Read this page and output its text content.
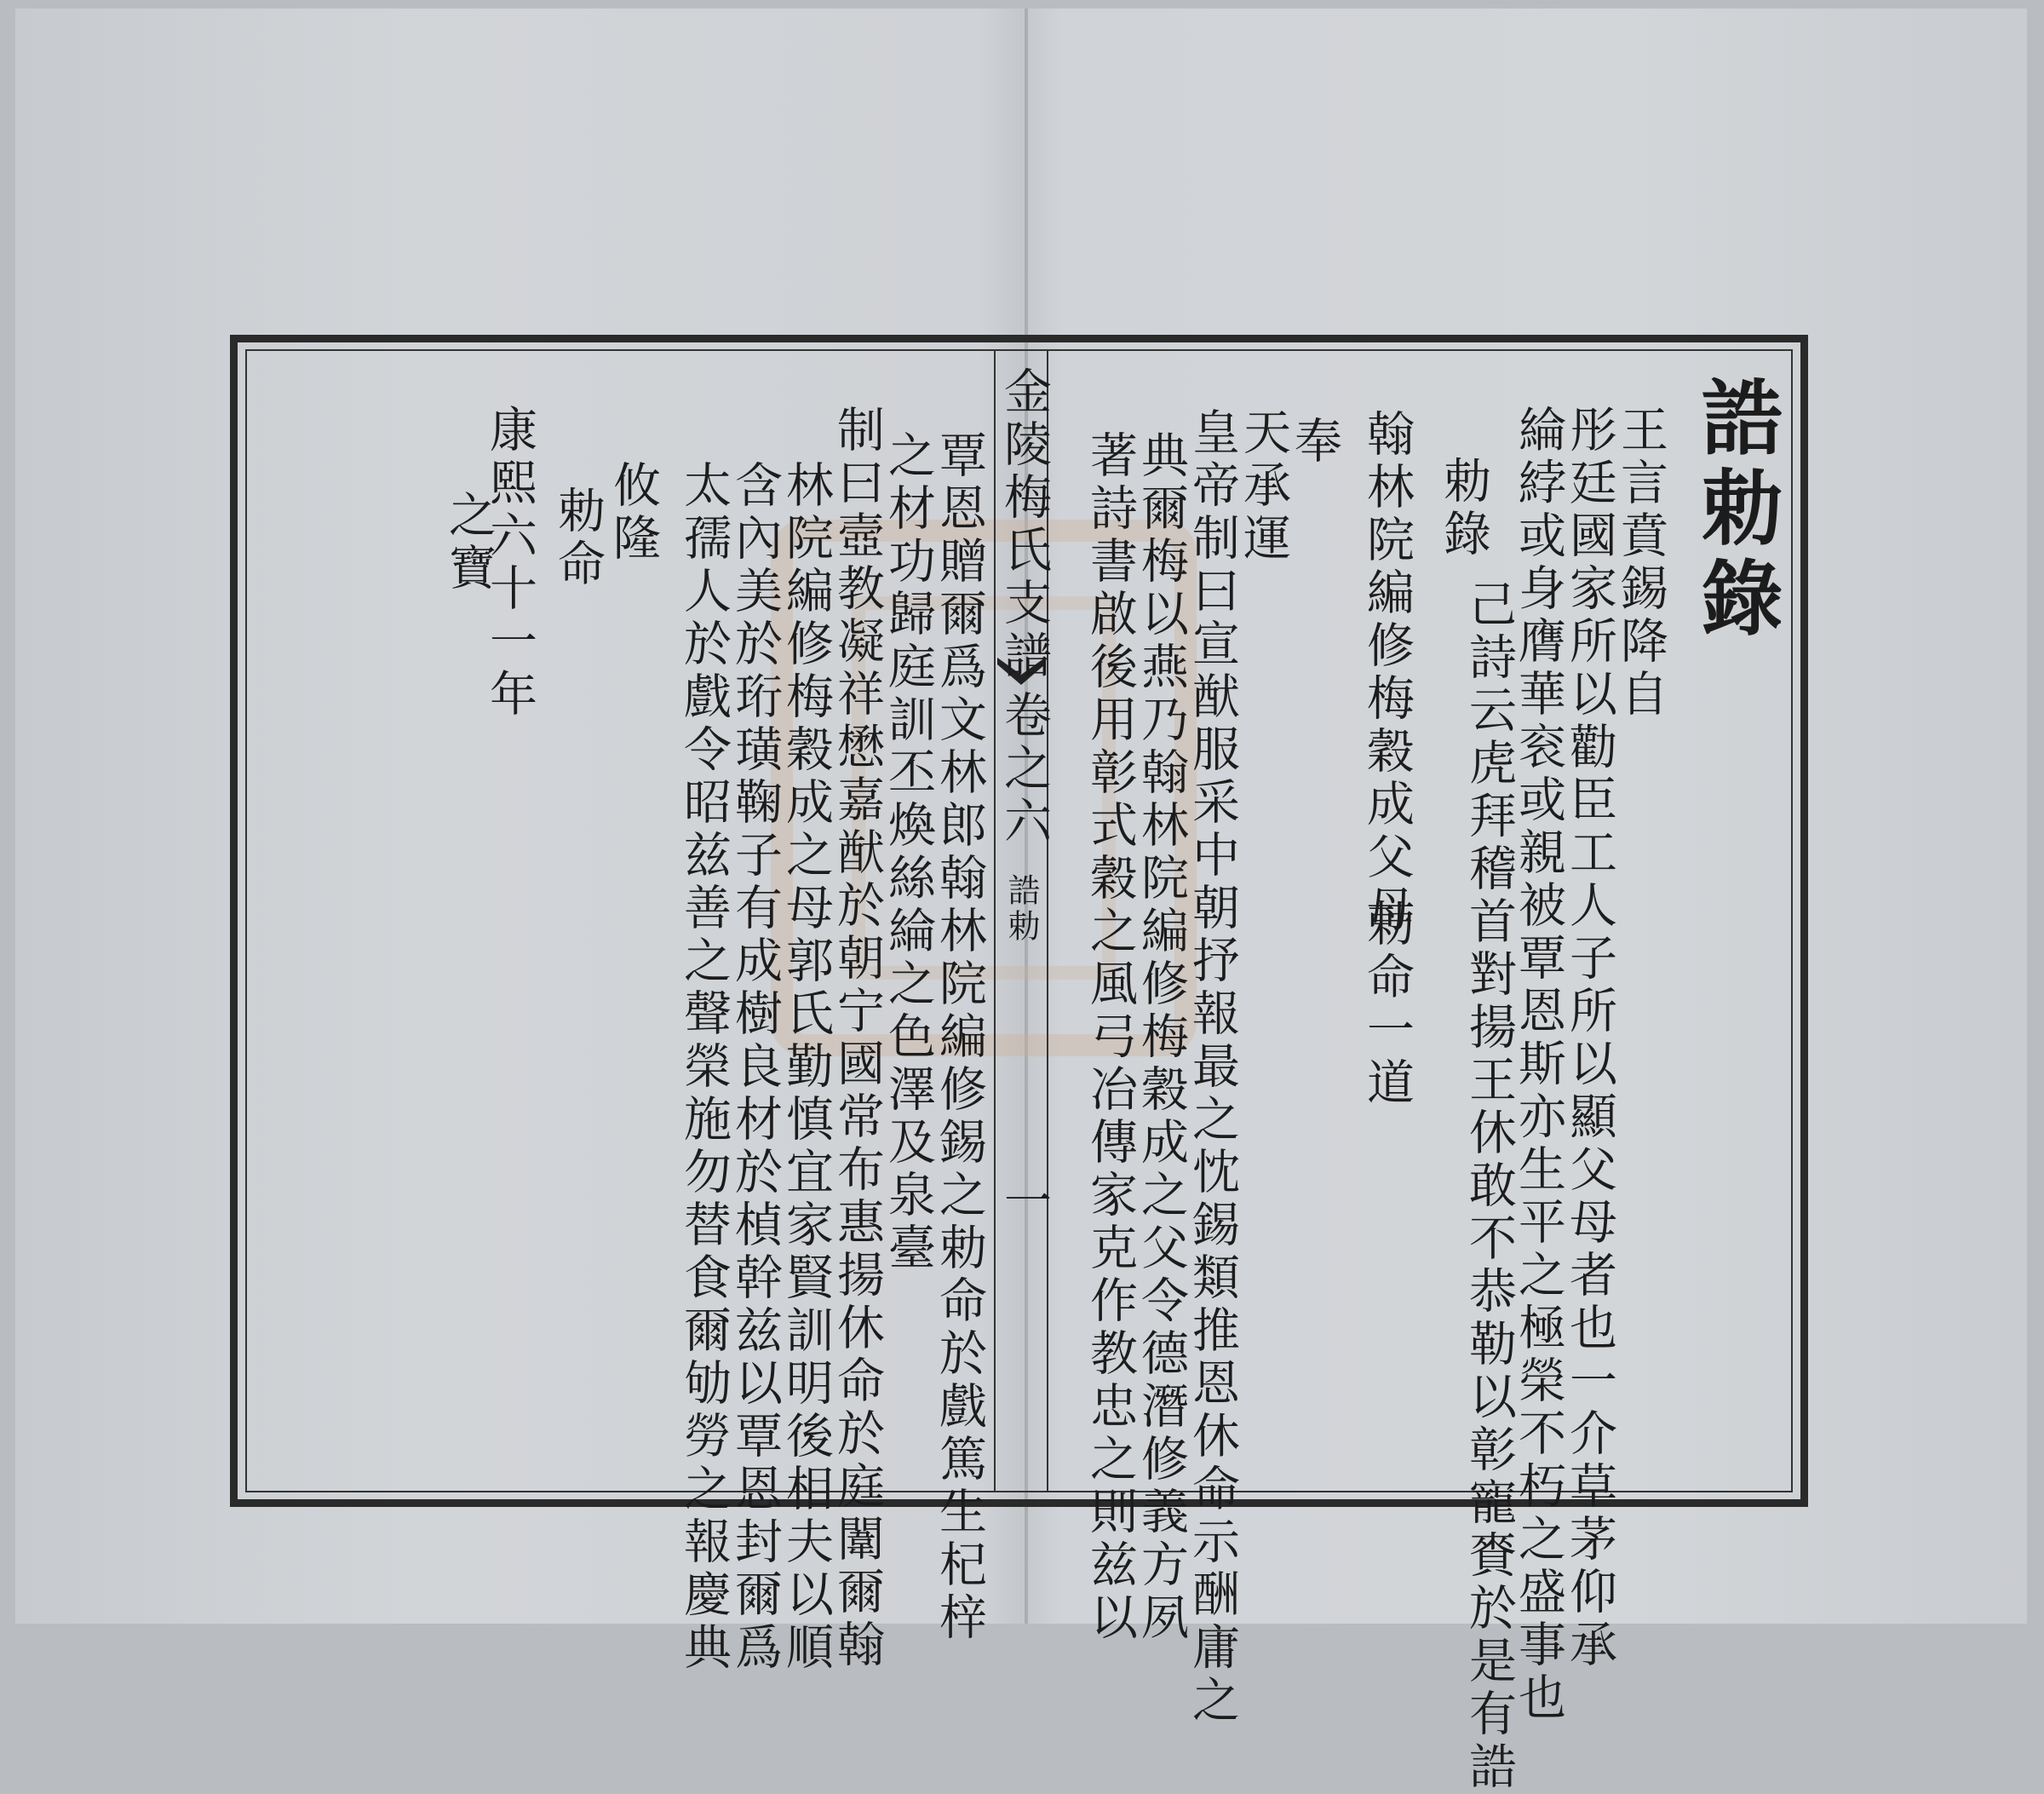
誥勅錄
王言賁錫降自
彤廷國家所以勸臣工人子所以顯父母者也一介草茅仰承
綸綍或身膺華衮或親被覃恩斯亦生平之極榮不朽之盛事也
勅錄
己詩云虎拜稽首對揚王休敢不恭勒以彰寵賚於是有誥
翰林院編修梅穀成父母
勅命一道
奉
天承運
皇帝制曰宣猷服采中朝抒報最之忱錫類推恩休命示酬庸之
典爾梅以燕乃翰林院編修梅穀成之父令德潛修義方夙
著詩書啟後用彰式穀之風弓冶傳家克作教忠之則兹以
金陵梅氏支譜
卷之六
誥勅
一
覃恩贈爾爲文林郎翰林院編修錫之勅命於戲篤生杞梓
之材功歸庭訓丕煥絲綸之色澤及泉臺
制曰壼教凝祥懋嘉猷於朝宁國常布惠揚休命於庭闈爾翰
林院編修梅穀成之母郭氏勤慎宜家賢訓明後相夫以順
含內美於珩璜鞠子有成樹良材於楨幹兹以覃恩封爾爲
太孺人於戲令昭兹善之聲榮施勿替食爾劬勞之報慶典
攸隆
勅命
康熙六十一年
之寶
